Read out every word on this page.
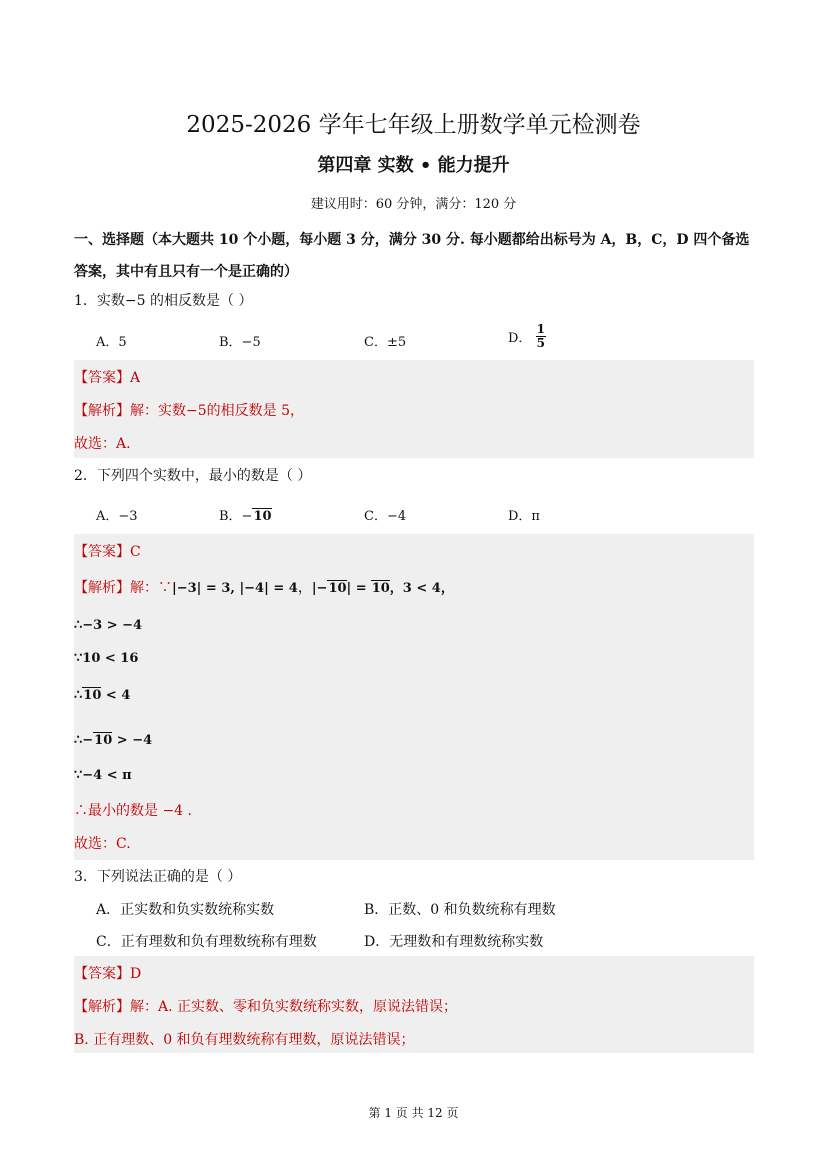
2025-2026 学年七年级上册数学单元检测卷
第四章 实数 • 能力提升
建议用时：60 分钟，满分：120 分
一、选择题（本大题共 10 个小题，每小题 3 分，满分 30 分. 每小题都给出标号为 A，B，C，D 四个备选答案，其中有且只有一个是正确的）
1．实数−5 的相反数是（ ）
A．5	B．−5	C．±5	D． $\frac{1}{5}$
【答案】A
【解析】解：实数−5的相反数是 5，
故选：A.
2．下列四个实数中，最小的数是（ ）
A．−3	B．−10	C．−4	D．π
【答案】C
【解析】解：∵|−3| = 3, |−4| = 4，|−10| = 10，3 < 4，
∴−3 > −4
∵10 < 16
∴10 < 4
∴−10 > −4
∵−4 < π
∴最小的数是 −4 .
故选：C.
3．下列说法正确的是（ ）
A．正实数和负实数统称实数	B．正数、0 和负数统称有理数
C．正有理数和负有理数统称有理数	D．无理数和有理数统称实数
【答案】D
【解析】解：A. 正实数、零和负实数统称实数，原说法错误；
B. 正有理数、0 和负有理数统称有理数，原说法错误；
第 1 页 共 12 页
